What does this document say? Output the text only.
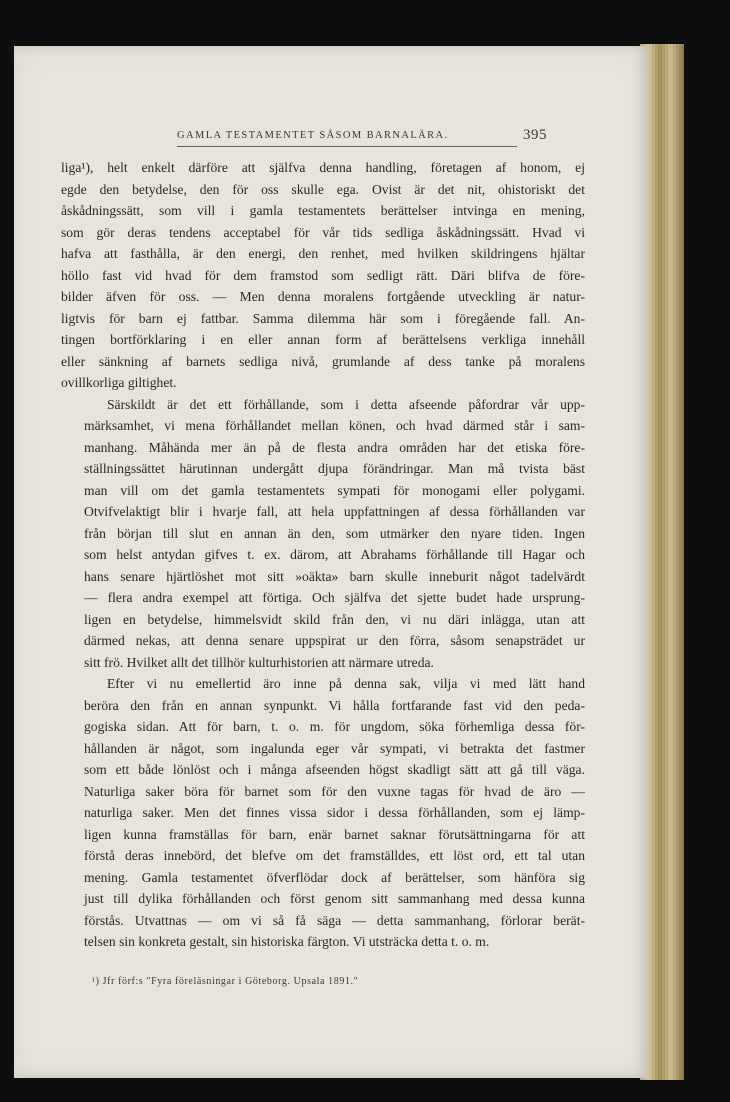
GAMLA TESTAMENTET SÅSOM BARNALÄRA.	395

liga¹), helt enkelt därföre att själfva denna handling, företagen af honom, ej
egde den betydelse, den för oss skulle ega. Ovist är det nit, ohistoriskt det
åskådningssätt, som vill i gamla testamentets berättelser intvinga en mening,
som gör deras tendens acceptabel för vår tids sedliga åskådningssätt. Hvad vi
hafva att fasthålla, är den energi, den renhet, med hvilken skildringens hjältar
höllo fast vid hvad för dem framstod som sedligt rätt. Däri blifva de före-
bilder äfven för oss. — Men denna moralens fortgående utveckling är natur-
ligtvis för barn ej fattbar. Samma dilemma här som i föregående fall. An-
tingen bortförklaring i en eller annan form af berättelsens verkliga innehåll
eller sänkning af barnets sedliga nivå, grumlande af dess tanke på moralens
ovillkorliga giltighet.

Särskildt är det ett förhållande, som i detta afseende påfordrar vår upp-
märksamhet, vi mena förhållandet mellan könen, och hvad därmed står i sam-
manhang. Måhända mer än på de flesta andra områden har det etiska före-
ställningssättet härutinnan undergått djupa förändringar. Man må tvista bäst
man vill om det gamla testamentets sympati för monogami eller polygami.
Otvifvelaktigt blir i hvarje fall, att hela uppfattningen af dessa förhållanden var
från början till slut en annan än den, som utmärker den nyare tiden. Ingen
som helst antydan gifves t. ex. därom, att Abrahams förhållande till Hagar och
hans senare hjärtlöshet mot sitt »oäkta» barn skulle inneburit något tadelvärdt
— flera andra exempel att förtiga. Och själfva det sjette budet hade ursprung-
ligen en betydelse, himmelsvidt skild från den, vi nu däri inlägga, utan att
därmed nekas, att denna senare uppspirat ur den förra, såsom senapsträdet ur
sitt frö. Hvilket allt det tillhör kulturhistorien att närmare utreda.

Efter vi nu emellertid äro inne på denna sak, vilja vi med lätt hand
beröra den från en annan synpunkt. Vi hålla fortfarande fast vid den peda-
gogiska sidan. Att för barn, t. o. m. för ungdom, söka förhemliga dessa för-
hållanden är något, som ingalunda eger vår sympati, vi betrakta det fastmer
som ett både lönlöst och i många afseenden högst skadligt sätt att gå till väga.
Naturliga saker böra för barnet som för den vuxne tagas för hvad de äro —
naturliga saker. Men det finnes vissa sidor i dessa förhållanden, som ej lämp-
ligen kunna framställas för barn, enär barnet saknar förutsättningarna för att
förstå deras innebörd, det blefve om det framställdes, ett löst ord, ett tal utan
mening. Gamla testamentet öfverflödar dock af berättelser, som hänföra sig
just till dylika förhållanden och först genom sitt sammanhang med dessa kunna
förstås. Utvattnas — om vi så få säga — detta sammanhang, förlorar berät-
telsen sin konkreta gestalt, sin historiska färgton. Vi utsträcka detta t. o. m.

¹) Jfr förf:s "Fyra föreläsningar i Göteborg. Upsala 1891."
